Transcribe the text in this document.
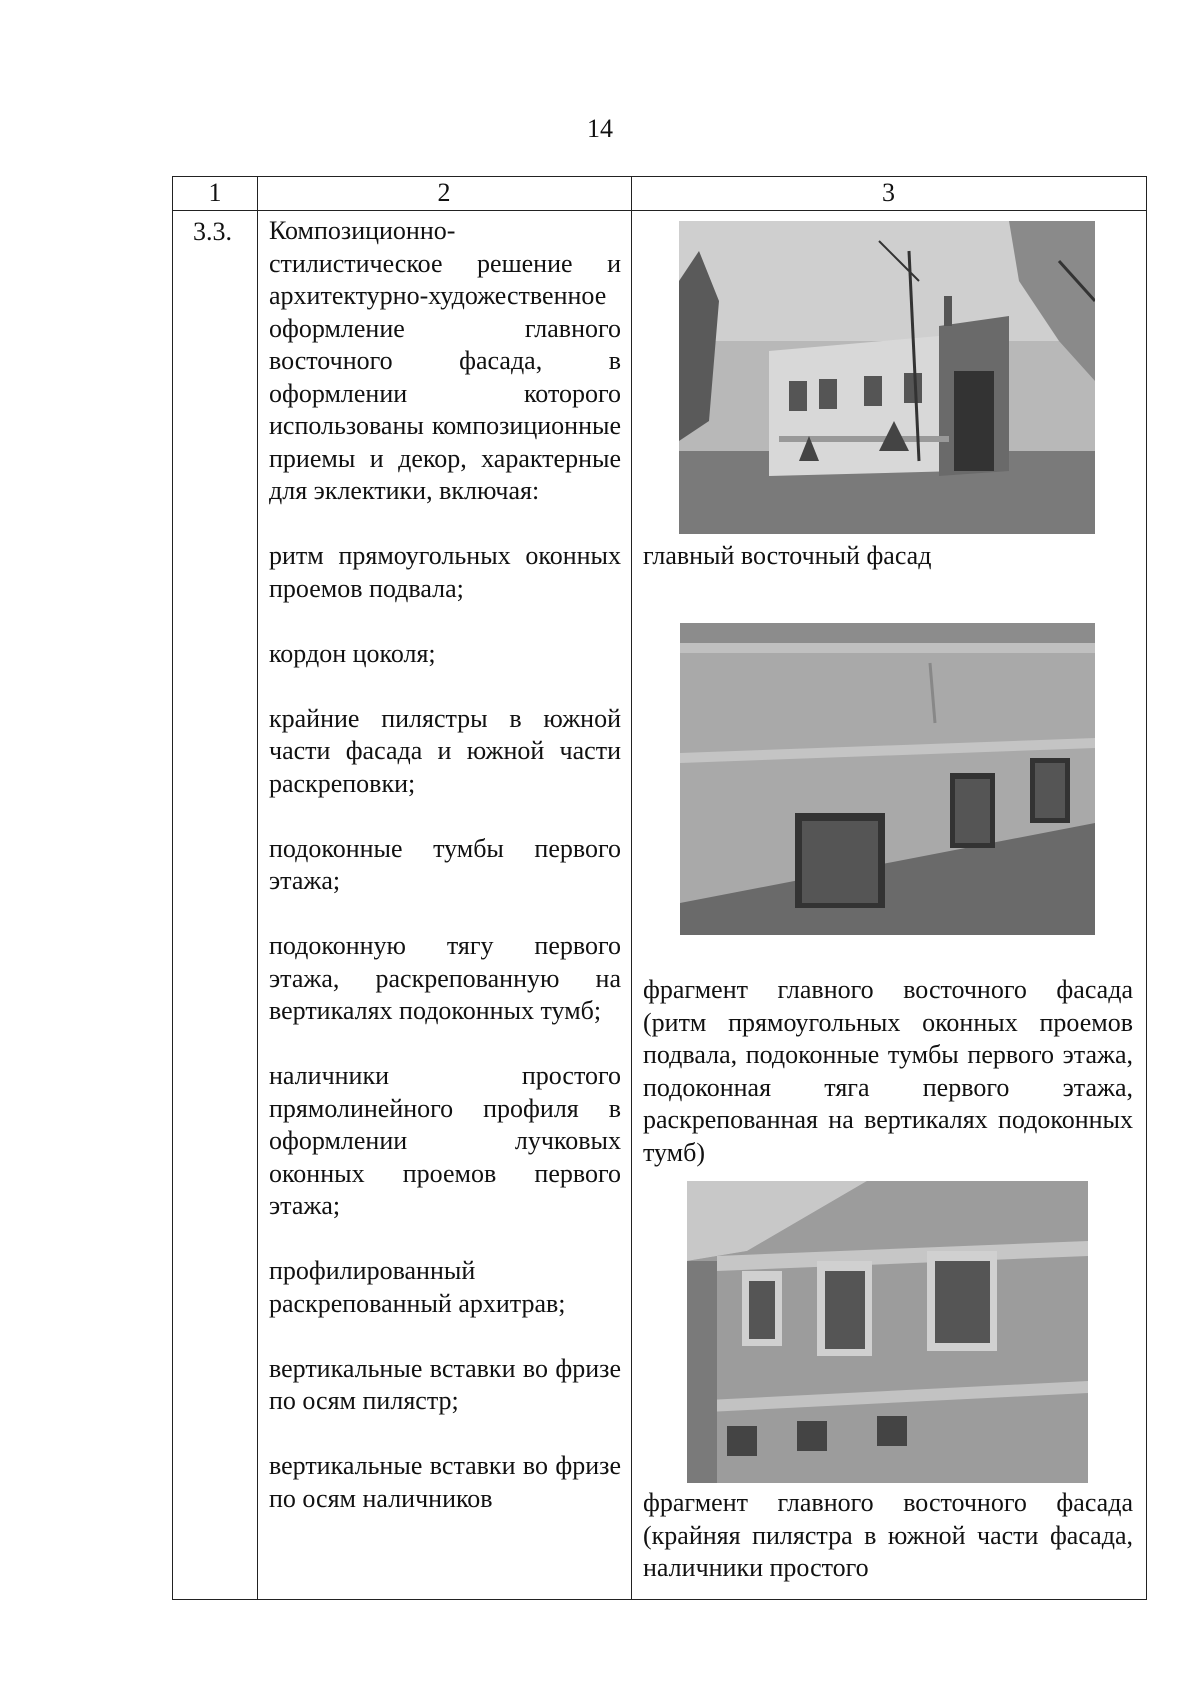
14
1	2	3
3.3. Композиционно-стилистическое решение и архитектурно-художественное оформление главного восточного фасада, в оформлении которого использованы композиционные приемы и декор, характерные для эклектики, включая:

ритм прямоугольных оконных проемов подвала;

кордон цоколя;

крайние пилястры в южной части фасада и южной части раскреповки;

подоконные тумбы первого этажа;

подоконную тягу первого этажа, раскрепованную на вертикалях подоконных тумб;

наличники простого прямолинейного профиля в оформлении лучковых оконных проемов первого этажа;

профилированный раскрепованный архитрав;

вертикальные вставки во фризе по осям пилястр;

вертикальные вставки во фризе по осям наличников

главный восточный фасад
фрагмент главного восточного фасада (ритм прямоугольных оконных проемов подвала, подоконные тумбы первого этажа, подоконная тяга первого этажа, раскрепованная на вертикалях подоконных тумб)
фрагмент главного восточного фасада (крайняя пилястра в южной части фасада, наличники простого
